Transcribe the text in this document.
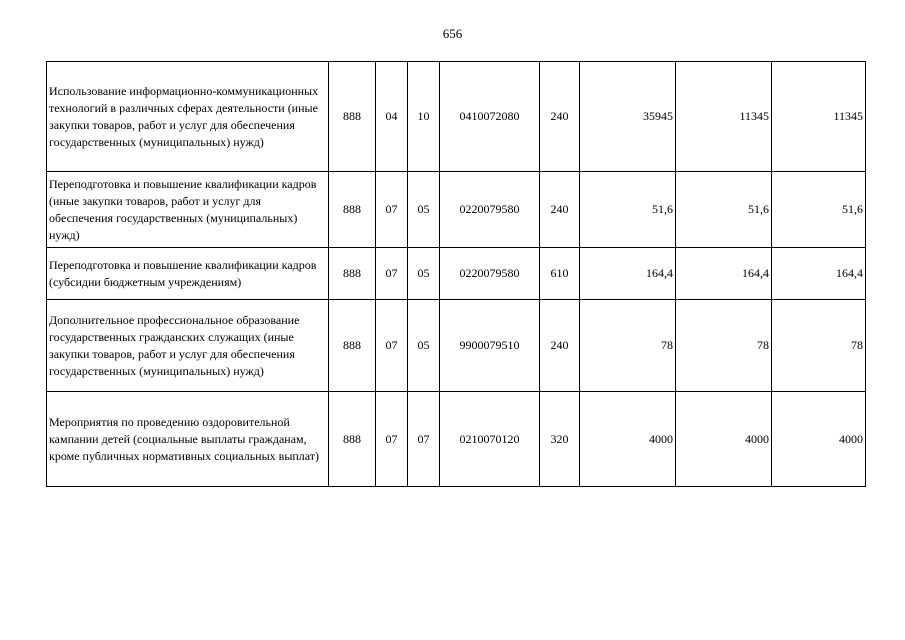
656
Использование информационно-коммуникационных технологий в различных сферах деятельности (иные закупки товаров, работ и услуг для обеспечения государственных (муниципальных) нужд)	888	04	10	0410072080	240	35945	11345	11345
Переподготовка и повышение квалификации кадров (иные закупки товаров, работ и услуг для обеспечения государственных (муниципальных) нужд)	888	07	05	0220079580	240	51,6	51,6	51,6
Переподготовка и повышение квалификации кадров (субсидии бюджетным учреждениям)	888	07	05	0220079580	610	164,4	164,4	164,4
Дополнительное профессиональное образование государственных гражданских служащих (иные закупки товаров, работ и услуг для обеспечения государственных (муниципальных) нужд)	888	07	05	9900079510	240	78	78	78
Мероприятия по проведению оздоровительной кампании детей (социальные выплаты гражданам, кроме публичных нормативных социальных выплат)	888	07	07	0210070120	320	4000	4000	4000
